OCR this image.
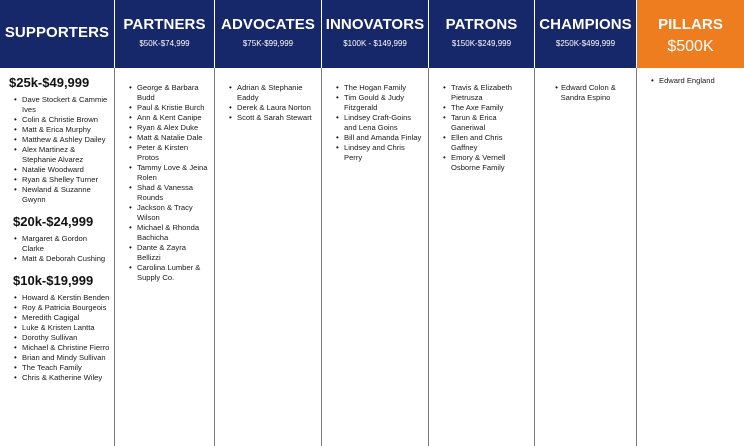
SUPPORTERS PARTNERS
$50K-$74,999
ADVOCATES
$75K-$99,999
INNOVATORS
$100K - $149,999
PATRONS
$150K-$249,999
CHAMPIONS
$250K-$499,999
PILLARS
$500K
$25k-$49,999
• Dave Stockert & Cammie Ives
• Colin & Christie Brown
• Matt & Erica Murphy
• Matthew & Ashley Dailey
• Alex Martinez & Stephanie Alvarez
• Natalie Woodward
• Ryan & Shelley Turner
• Newland & Suzanne Gwynn
$20k-$24,999
• Margaret & Gordon Clarke
• Matt & Deborah Cushing
$10k-$19,999
• Howard & Kerstin Benden
• Roy & Patricia Bourgeois
• Meredith Cagigal
• Luke & Kristen Lantta
• Dorothy Sullivan
• Michael & Christine Fierro
• Brian and Mindy Sullivan
• The Teach Family
• Chris & Katherine Wiley
• George & Barbara Budd
• Paul & Kristie Burch
• Ann & Kent Canipe
• Ryan & Alex Duke
• Matt & Natalie Dale
• Peter & Kirsten Protos
• Tammy Love & Jeina Rolen
• Shad & Vanessa Rounds
• Jackson & Tracy Wilson
• Michael & Rhonda Bachicha
• Dante & Zayra Bellizzi
• Carolina Lumber & Supply Co.
• Adrian & Stephanie Eaddy
• Derek & Laura Norton
• Scott & Sarah Stewart
• The Hogan Family
• Tim Gould & Judy Fitzgerald
• Lindsey Craft-Goins and Lena Goins
• Bill and Amanda Finlay
• Lindsey and Chris Perry
• Travis & Elizabeth Pietrusza
• The Axe Family
• Tarun & Erica Ganeriwal
• Ellen and Chris Gaffney
• Emory & Vernell Osborne Family
• Edward Colon & Sandra Espino
• Edward England
